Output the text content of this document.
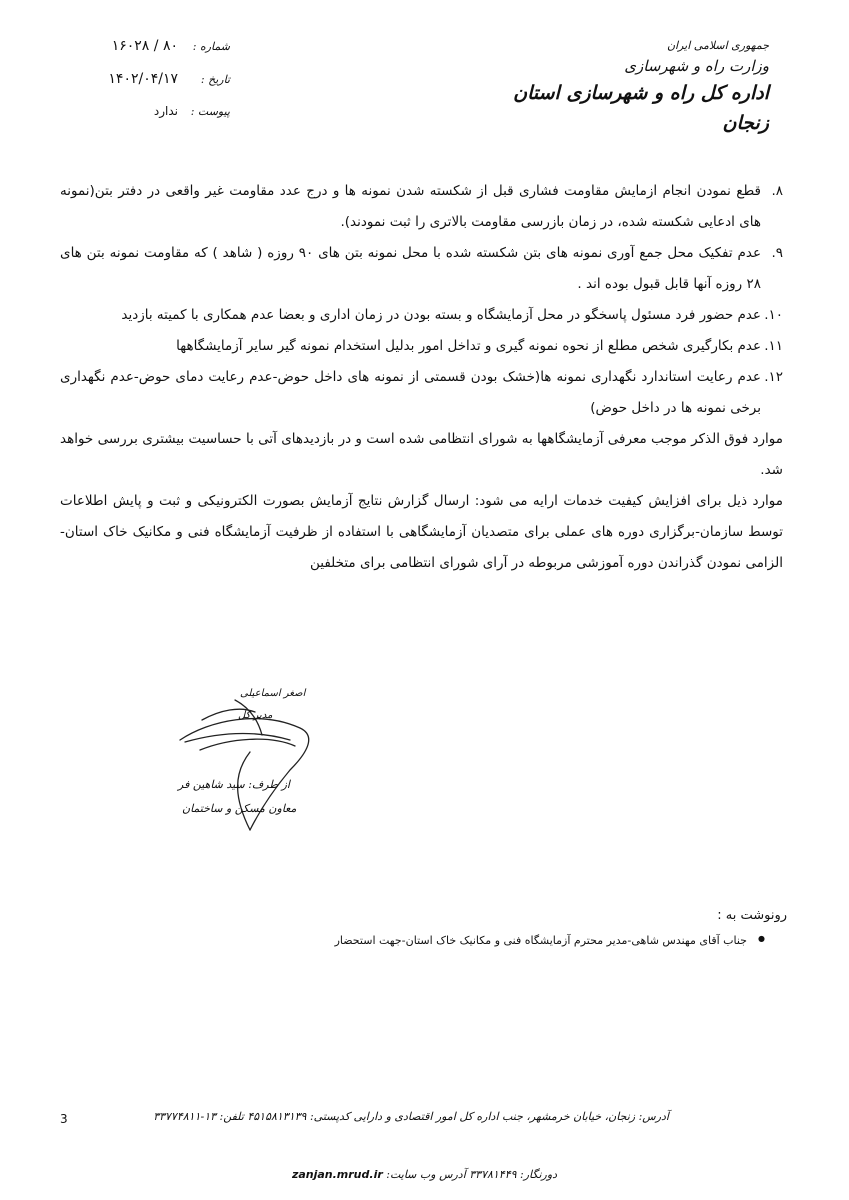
جمهوری اسلامی ایران
وزارت راه و شهرسازی
اداره کل راه و شهرسازی استان زنجان
شماره :
۸۰ / ۱۶۰۲۸
تاریخ :
۱۴۰۲/۰۴/۱۷
پیوست :
ندارد
۸.
قطع نمودن انجام ازمایش مقاومت فشاری قبل از شکسته شدن نمونه ها و درج عدد مقاومت غیر واقعی در دفتر بتن(نمونه های ادعایی شکسته شده، در زمان بازرسی مقاومت بالاتری را ثبت نمودند).
۹.
عدم تفکیک محل جمع آوری نمونه های بتن شکسته شده با محل نمونه بتن های ۹۰ روزه ( شاهد ) که مقاومت نمونه بتن های ۲۸ روزه آنها قابل قبول بوده اند .
۱۰.
عدم حضور فرد مسئول پاسخگو در محل آزمایشگاه و بسته بودن در زمان اداری و بعضا عدم همکاری با کمیته بازدید
۱۱.
عدم بکارگیری شخص مطلع از نحوه نمونه گیری و تداخل امور بدلیل استخدام نمونه گیر سایر آزمایشگاهها
۱۲.
عدم رعایت استاندارد نگهداری نمونه ها(خشک بودن قسمتی از نمونه های داخل حوض-عدم رعایت دمای حوض-عدم نگهداری برخی نمونه ها در داخل حوض)

موارد فوق الذکر موجب معرفی آزمایشگاهها به شورای انتظامی شده است و در بازدیدهای آتی با حساسیت بیشتری بررسی خواهد شد.

موارد ذیل برای افزایش کیفیت خدمات ارایه می شود: ارسال گزارش نتایج آزمایش بصورت الکترونیکی و ثبت و پایش اطلاعات توسط سازمان-برگزاری دوره های عملی برای متصدیان آزمایشگاهی با استفاده از ظرفیت آزمایشگاه فنی و مکانیک خاک استان-الزامی نمودن گذراندن دوره آموزشی مربوطه در آرای شورای انتظامی برای متخلفین

اصغر اسماعیلی
مدیر کل
از طرف: سید شاهین فر
معاون مسکن و ساختمان
رونوشت به :
● جناب آقای مهندس شاهی-مدیر محترم آزمایشگاه فنی و مکانیک خاک استان-جهت استحضار
3	آدرس: زنجان، خیابان خرمشهر، جنب اداره کل امور اقتصادی و دارایی کدپستی: ۴۵۱۵۸۱۳۱۳۹ تلفن: ۱۳-۳۳۷۷۴۸۱۱
دورنگار: ۳۳۷۸۱۴۴۹ آدرس وب سایت: zanjan.mrud.ir
